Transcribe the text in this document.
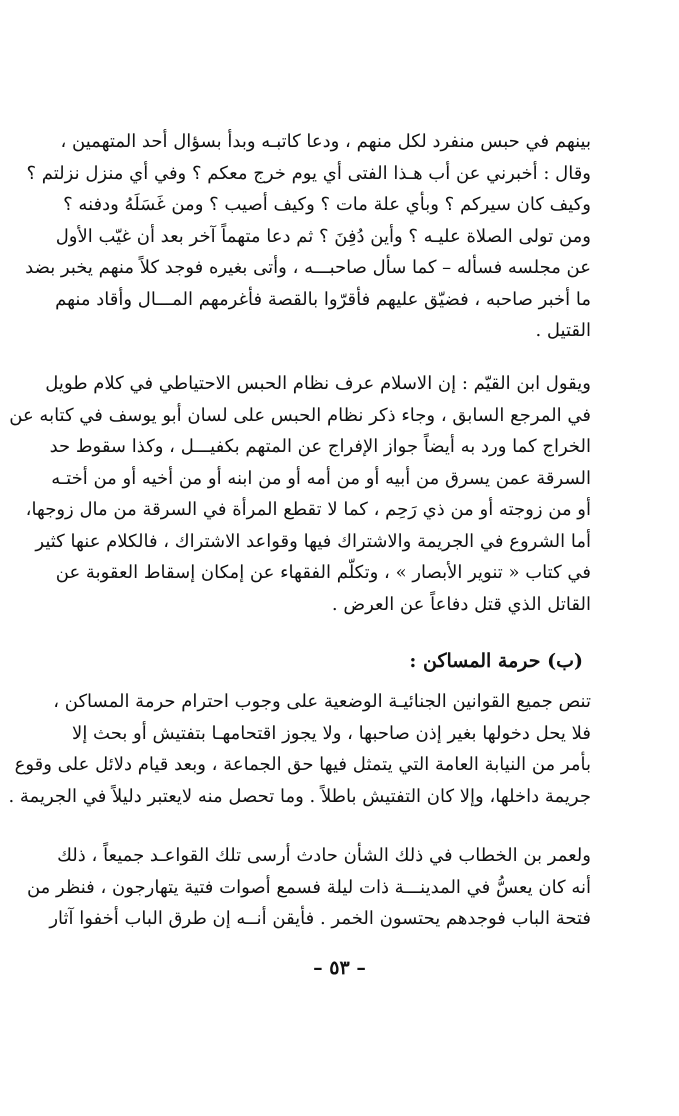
بينهم في حبس منفرد لكل منهم ، ودعا كاتبـه وبدأ بسؤال أحد المتهمين ،
وقال : أخبرني عن أب هـذا الفتى أي يوم خرج معكم ؟ وفي أي منزل نزلتم ؟
وكيف كان سيركم ؟ وبأي علة مات ؟ وكيف أصيب ؟ ومن غَسَلَهُ ودفنه ؟
ومن تولى الصلاة عليـه ؟ وأين دُفِنَ ؟ ثم دعا متهماً آخر بعد أن غيّب الأول
عن مجلسه فسأله – كما سأل صاحبـــه ، وأتى بغيره فوجد كلاً منهم يخبر بضد
ما أخبر صاحبه ، فضيّق عليهم فأقرّوا بالقصة فأغرمهم المـــال وأقاد منهم
القتيل .
ويقول ابن القيّم : إن الاسلام عرف نظام الحبس الاحتياطي في كلام طويل
في المرجع السابق ، وجاء ذكر نظام الحبس على لسان أبو يوسف في كتابه عن
الخراج كما ورد به أيضاً جواز الإفراج عن المتهم بكفيـــل ، وكذا سقوط حد
السرقة عمن يسرق من أبيه أو من أمه أو من ابنه أو من أخيه أو من أختـه
أو من زوجته أو من ذي رَحِم ، كما لا تقطع المرأة في السرقة من مال زوجها،
أما الشروع في الجريمة والاشتراك فيها وقواعد الاشتراك ، فالكلام عنها كثير
في كتاب « تنوير الأبصار » ، وتكلّم الفقهاء عن إمكان إسقاط العقوبة عن
القاتل الذي قتل دفاعاً عن العرض .
(ب) حرمة المساكن :
تنص جميع القوانين الجنائيـة الوضعية على وجوب احترام حرمة المساكن ،
فلا يحل دخولها بغير إذن صاحبها ، ولا يجوز اقتحامهـا بتفتيش أو بحث إلا
بأمر من النيابة العامة التي يتمثل فيها حق الجماعة ، وبعد قيام دلائل على وقوع
جريمة داخلها، وإلا كان التفتيش باطلاً . وما تحصل منه لايعتبر دليلاً في الجريمة .
ولعمر بن الخطاب في ذلك الشأن حادث أرسى تلك القواعـد جميعاً ، ذلك
أنه كان يعسُّ في المدينـــة ذات ليلة فسمع أصوات فتية يتهارجون ، فنظر من
فتحة الباب فوجدهم يحتسون الخمر . فأيقن أنــه إن طرق الباب أخفوا آثار
– ٥٣ –
